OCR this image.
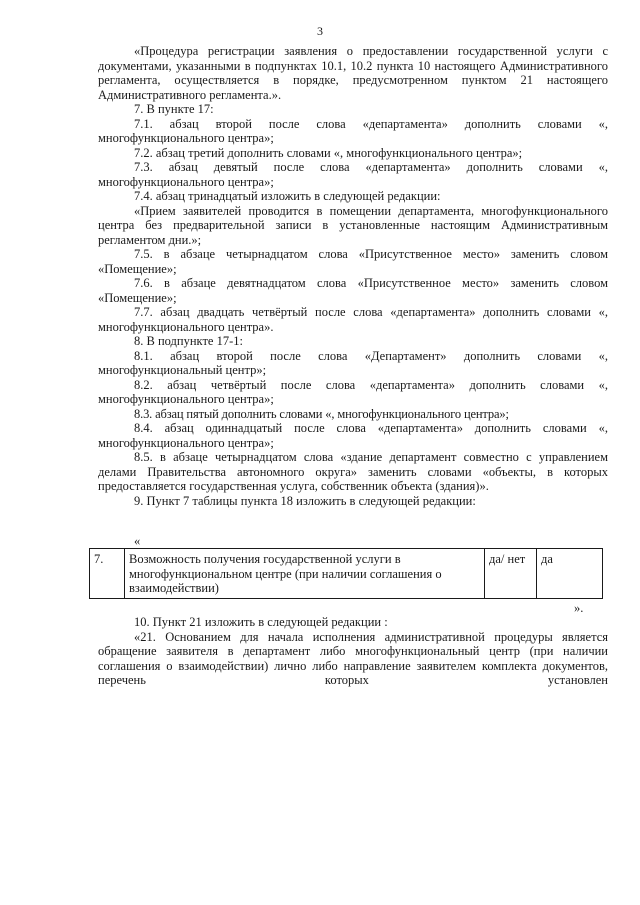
3

«Процедура регистрации заявления о предоставлении государственной услуги с документами, указанными в подпунктах 10.1, 10.2 пункта 10 настоящего Административного регламента, осуществляется в порядке, предусмотренном пунктом 21 настоящего Административного регламента.».

7. В пункте 17:

7.1. абзац второй после слова «департамента» дополнить словами «, многофункционального центра»;

7.2. абзац третий дополнить словами «, многофункционального центра»;

7.3. абзац девятый после слова «департамента» дополнить словами «, многофункционального центра»;

7.4. абзац тринадцатый изложить в следующей редакции:

«Прием заявителей проводится в помещении департамента, многофункционального центра без предварительной записи в установленные настоящим Административным регламентом дни.»;

7.5. в абзаце четырнадцатом слова «Присутственное место» заменить словом «Помещение»;

7.6. в абзаце девятнадцатом слова «Присутственное место» заменить словом «Помещение»;

7.7. абзац двадцать четвёртый после слова «департамента» дополнить словами «, многофункционального центра».

8. В подпункте 17-1:

8.1. абзац второй после слова «Департамент» дополнить словами «, многофункциональный центр»;

8.2. абзац четвёртый после слова «департамента» дополнить словами «, многофункционального центра»;

8.3. абзац пятый дополнить словами «, многофункционального центра»;

8.4. абзац одиннадцатый после слова «департамента» дополнить словами «, многофункционального центра»;

8.5. в абзаце четырнадцатом слова «здание департамент совместно с управлением делами Правительства автономного округа» заменить словами «объекты, в которых предоставляется государственная услуга, собственник объекта (здания)».

9. Пункт 7 таблицы пункта 18 изложить в следующей редакции:

«
7.	Возможность получения государственной услуги в многофункциональном центре (при наличии соглашения о взаимодействии)	да/ нет	да
».

10. Пункт 21 изложить в следующей редакции :

«21. Основанием для начала исполнения административной процедуры является обращение заявителя в департамент либо многофункциональный центр (при наличии соглашения о взаимодействии) лично либо направление заявителем комплекта документов, перечень которых установлен
